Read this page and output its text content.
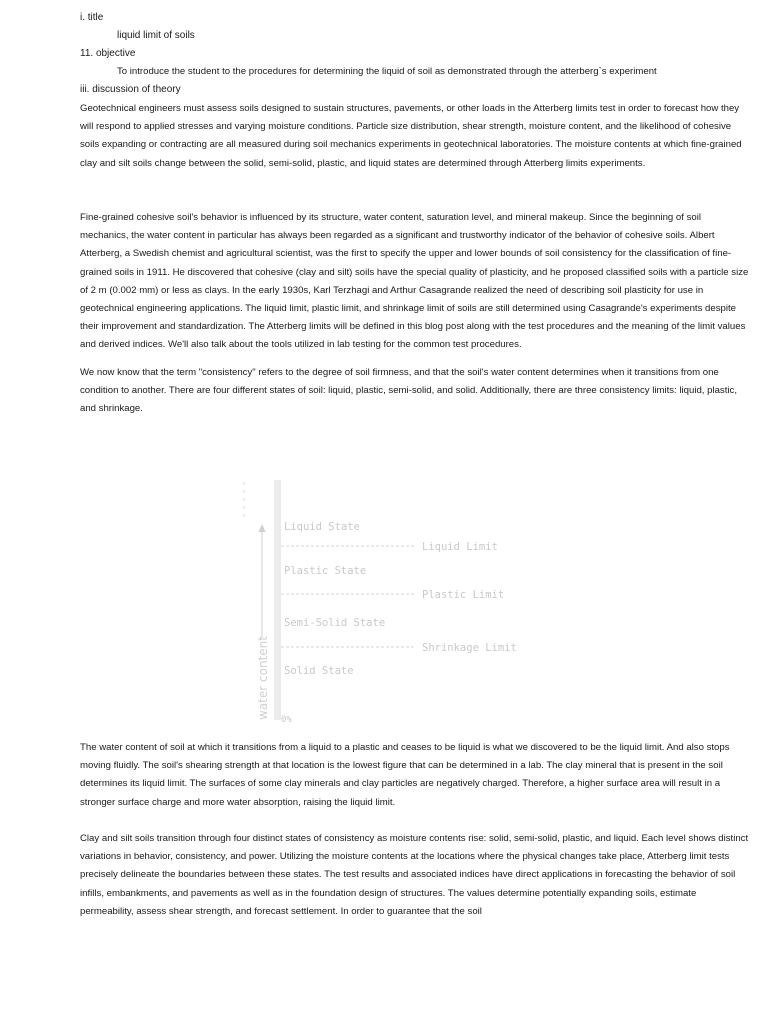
i. title
liquid limit of soils
11. objective
To introduce the student to the procedures for determining the liquid of soil as demonstrated through the atterberg`s experiment
iii. discussion of theory

Geotechnical engineers must assess soils designed to sustain structures, pavements, or other loads in the Atterberg limits test in order to forecast how they will respond to applied stresses and varying moisture conditions. Particle size distribution, shear strength, moisture content, and the likelihood of cohesive soils expanding or contracting are all measured during soil mechanics experiments in geotechnical laboratories. The moisture contents at which fine-grained clay and silt soils change between the solid, semi-solid, plastic, and liquid states are determined through Atterberg limits experiments.

Fine-grained cohesive soil's behavior is influenced by its structure, water content, saturation level, and mineral makeup. Since the beginning of soil mechanics, the water content in particular has always been regarded as a significant and trustworthy indicator of the behavior of cohesive soils. Albert Atterberg, a Swedish chemist and agricultural scientist, was the first to specify the upper and lower bounds of soil consistency for the classification of fine-grained soils in 1911. He discovered that cohesive (clay and silt) soils have the special quality of plasticity, and he proposed classified soils with a particle size of 2 m (0.002 mm) or less as clays. In the early 1930s, Karl Terzhagi and Arthur Casagrande realized the need of describing soil plasticity for use in geotechnical engineering applications. The liquid limit, plastic limit, and shrinkage limit of soils are still determined using Casagrande's experiments despite their improvement and standardization. The Atterberg limits will be defined in this blog post along with the test procedures and the meaning of the limit values and derived indices. We'll also talk about the tools utilized in lab testing for the common test procedures.

We now know that the term "consistency" refers to the degree of soil firmness, and that the soil's water content determines when it transitions from one condition to another. There are four different states of soil: liquid, plastic, semi-solid, and solid. Additionally, there are three consistency limits: liquid, plastic, and shrinkage.

water content
Liquid State
Liquid Limit
Plastic State
Plastic Limit
Semi-Solid State
Shrinkage Limit
Solid State
0%

The water content of soil at which it transitions from a liquid to a plastic and ceases to be liquid is what we discovered to be the liquid limit. And also stops moving fluidly. The soil's shearing strength at that location is the lowest figure that can be determined in a lab. The clay mineral that is present in the soil determines its liquid limit. The surfaces of some clay minerals and clay particles are negatively charged. Therefore, a higher surface area will result in a stronger surface charge and more water absorption, raising the liquid limit.

Clay and silt soils transition through four distinct states of consistency as moisture contents rise: solid, semi-solid, plastic, and liquid. Each level shows distinct variations in behavior, consistency, and power. Utilizing the moisture contents at the locations where the physical changes take place, Atterberg limit tests precisely delineate the boundaries between these states. The test results and associated indices have direct applications in forecasting the behavior of soil infills, embankments, and pavements as well as in the foundation design of structures. The values determine potentially expanding soils, estimate permeability, assess shear strength, and forecast settlement. In order to guarantee that the soil
